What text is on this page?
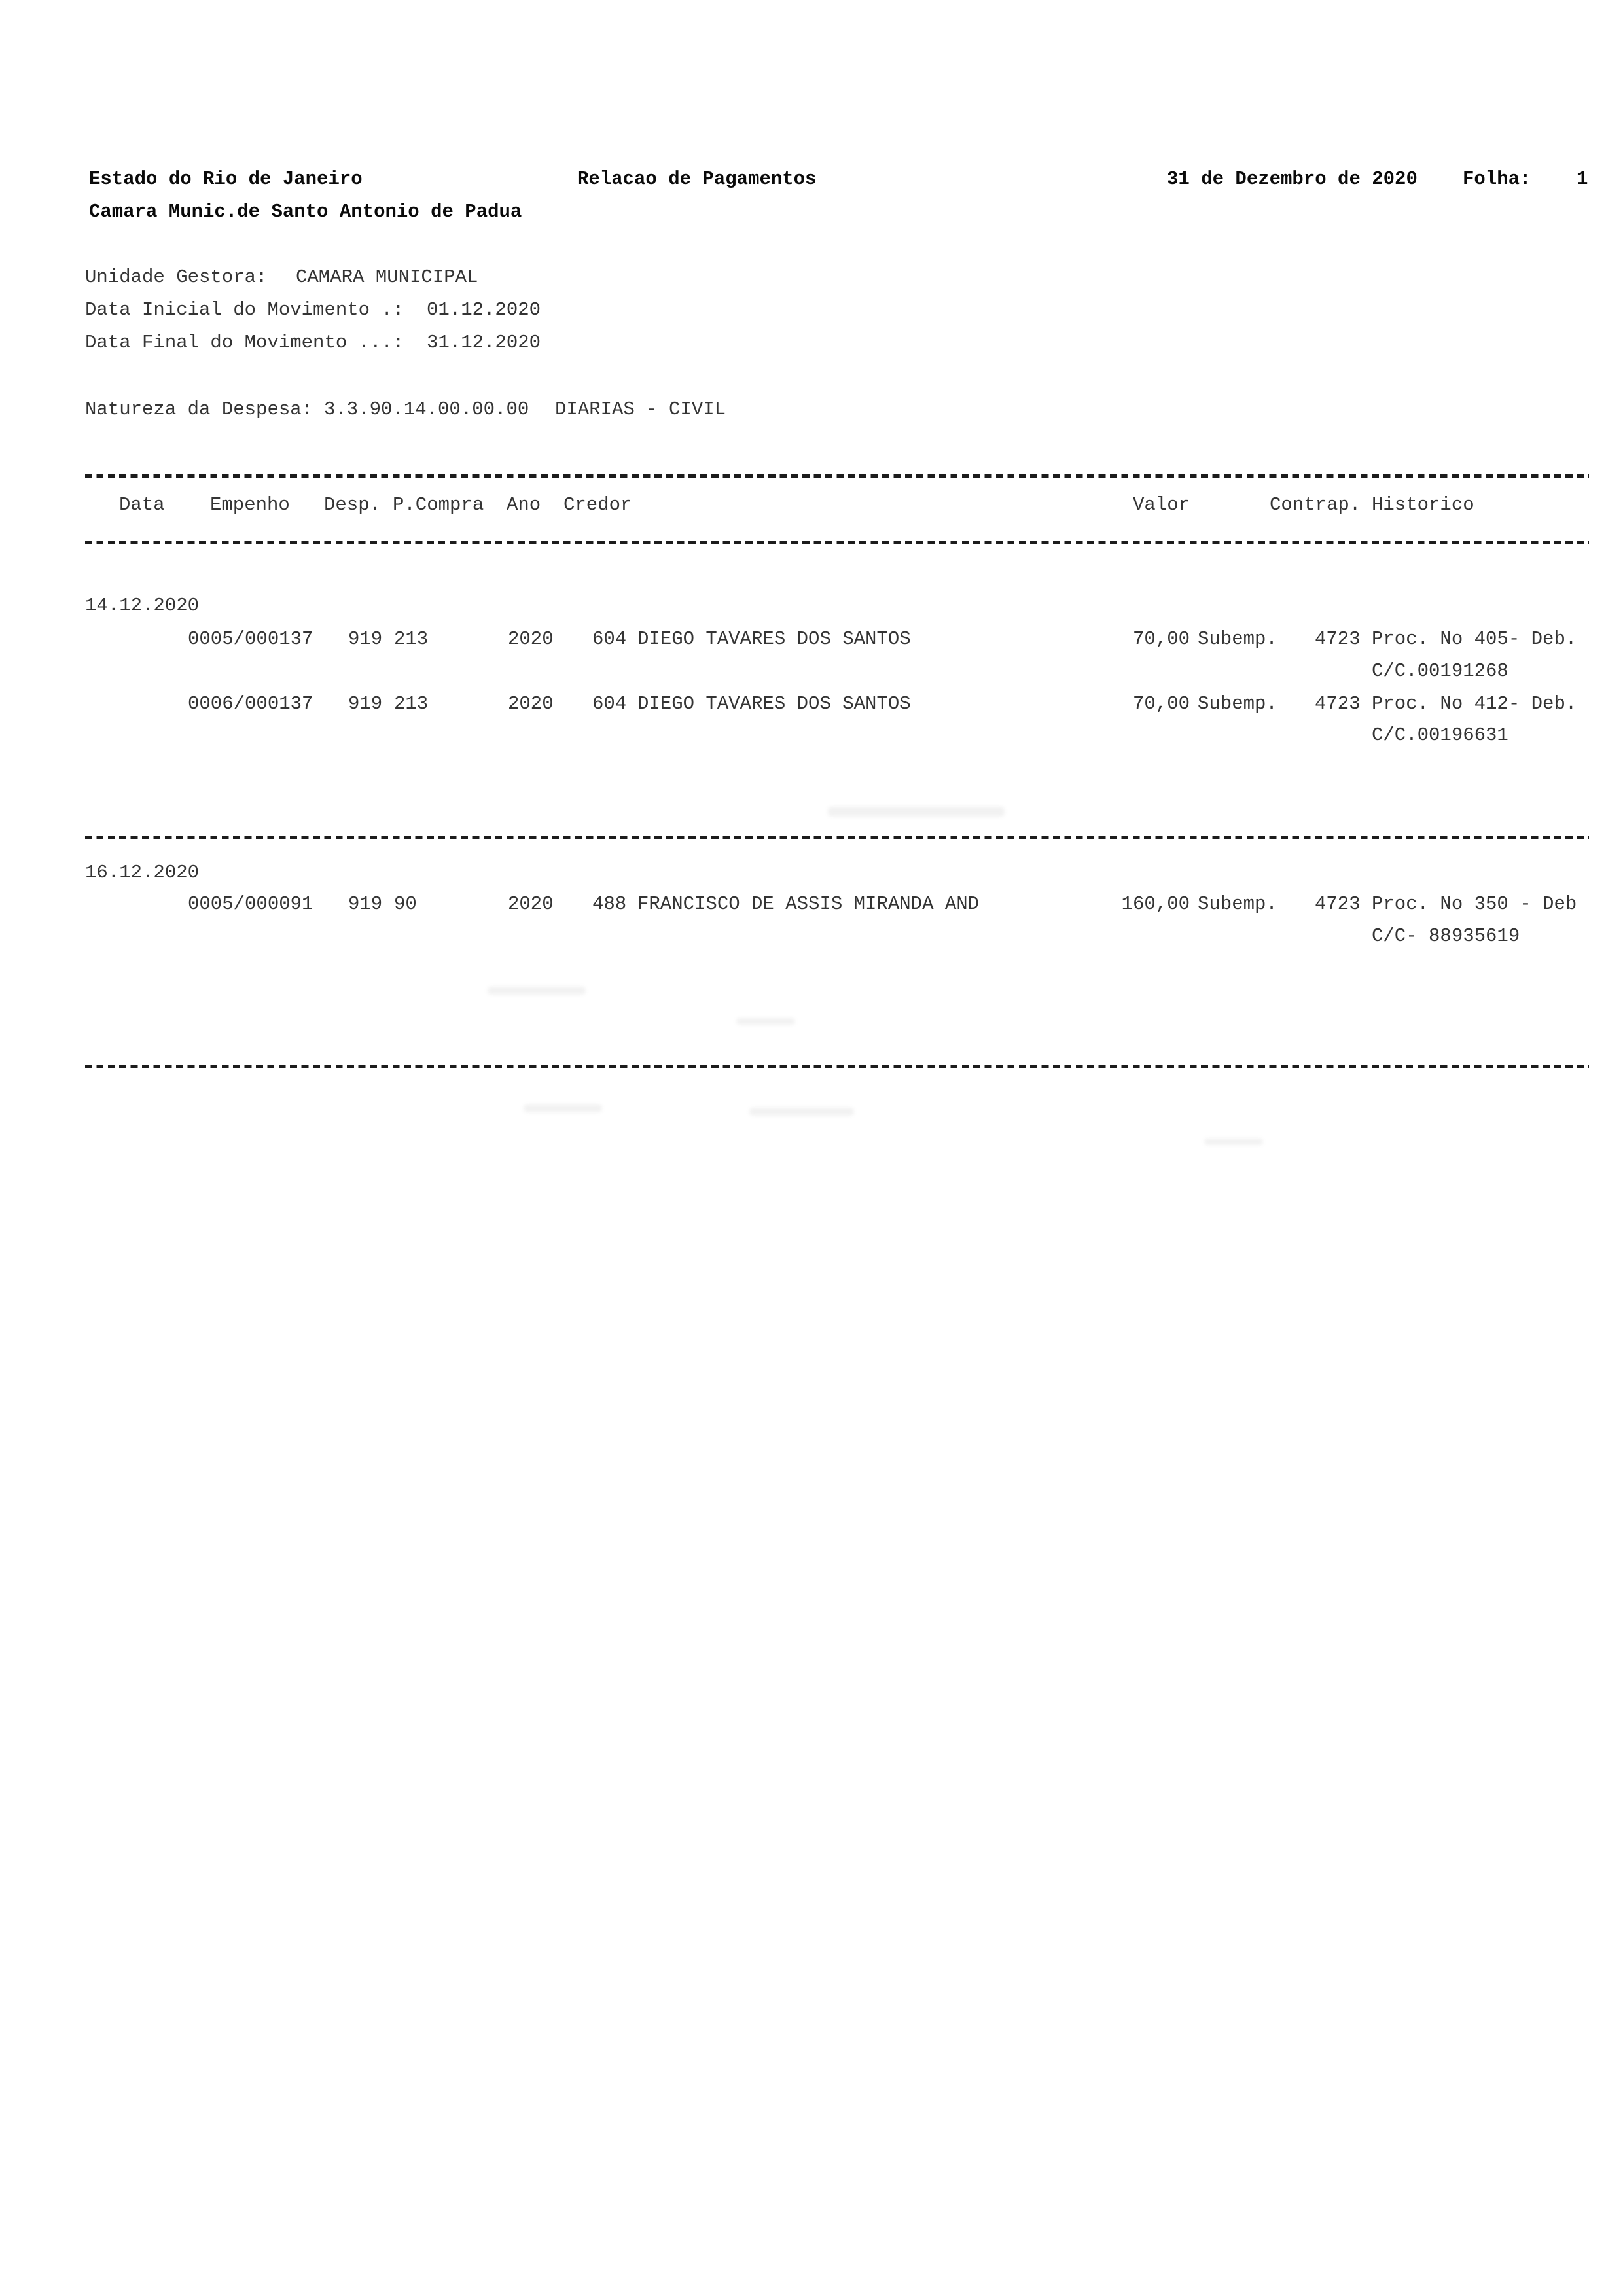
Estado do Rio de Janeiro	Relacao de Pagamentos	31 de Dezembro de 2020 Folha: 1
Camara Munic.de Santo Antonio de Padua
Unidade Gestora: CAMARA MUNICIPAL
Data Inicial do Movimento .: 01.12.2020
Data Final do Movimento ...: 31.12.2020
Natureza da Despesa: 3.3.90.14.00.00.00 DIARIAS - CIVIL
Data Empenho Desp. P.Compra Ano Credor	Valor	Contrap. Historico
14.12.2020
0005/000137 919 213	2020 604 DIEGO TAVARES DOS SANTOS	70,00 Subemp. 4723 Proc. No 405- Deb.
C/C.00191268
0006/000137 919 213	2020 604 DIEGO TAVARES DOS SANTOS	70,00 Subemp. 4723 Proc. No 412- Deb.
C/C.00196631
16.12.2020
0005/000091 919 90	2020 488 FRANCISCO DE ASSIS MIRANDA AND	160,00 Subemp. 4723 Proc. No 350 - Deb
C/C- 88935619
